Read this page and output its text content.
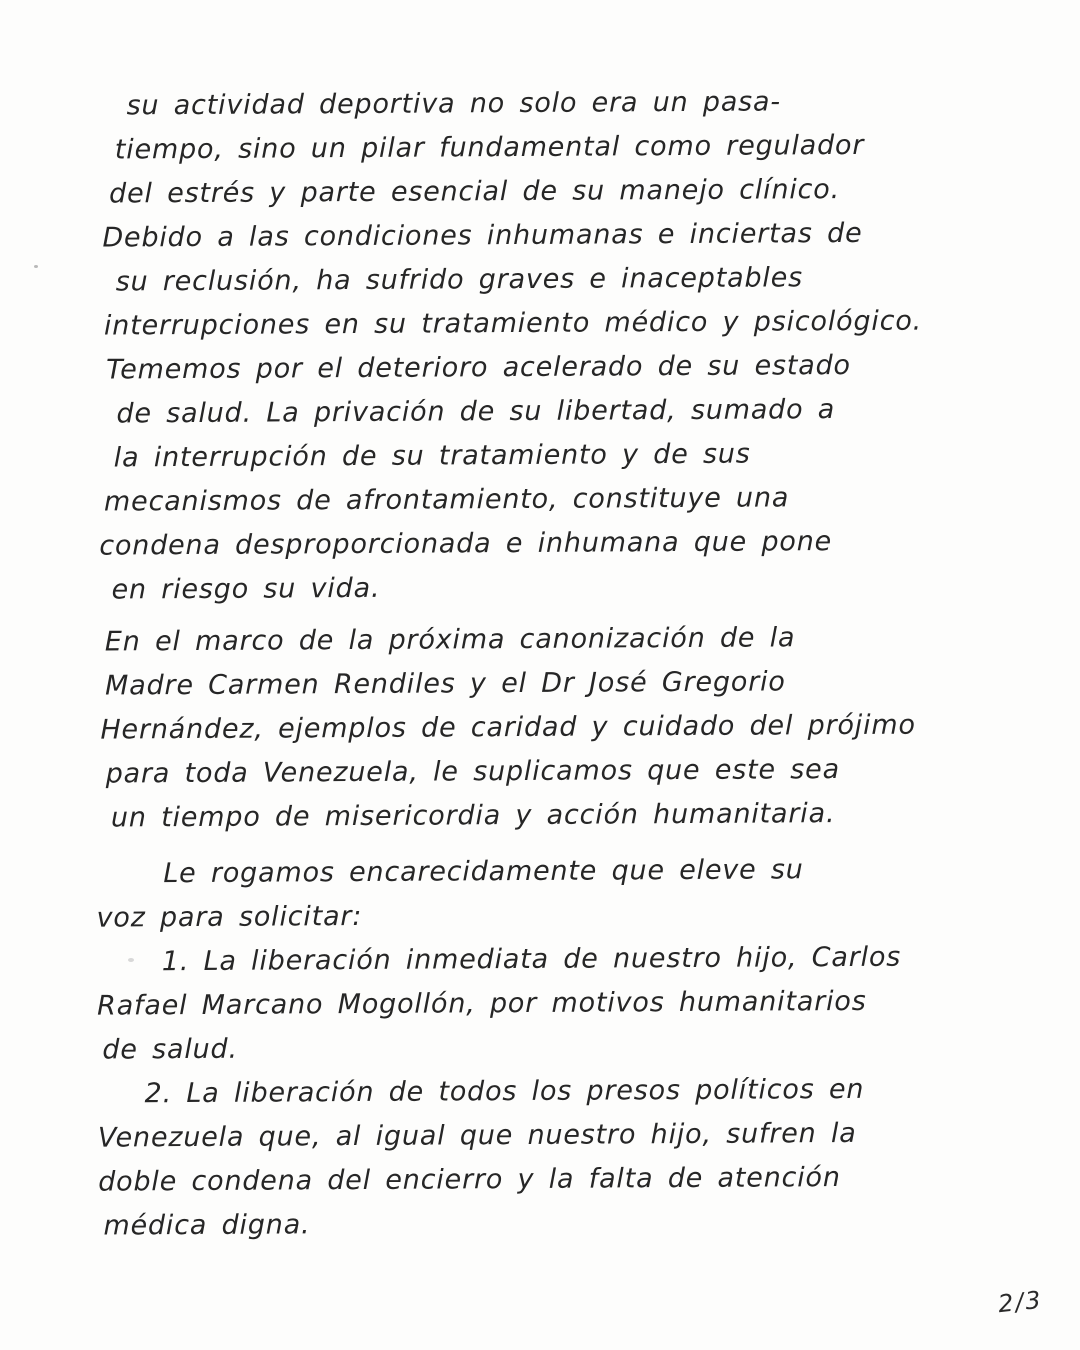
su actividad deportiva no solo era un pasa-

tiempo, sino un pilar fundamental como regulador

del estrés y parte esencial de su manejo clínico.

Debido a las condiciones inhumanas e inciertas de

su reclusión, ha sufrido graves e inaceptables

interrupciones en su tratamiento médico y psicológico.

Tememos por el deterioro acelerado de su estado

de salud. La privación de su libertad, sumado a

la interrupción de su tratamiento y de sus

mecanismos de afrontamiento, constituye una

condena desproporcionada e inhumana que pone

en riesgo su vida.

En el marco de la próxima canonización de la

Madre Carmen Rendiles y el Dr José Gregorio

Hernández, ejemplos de caridad y cuidado del prójimo

para toda Venezuela, le suplicamos que este sea

un tiempo de misericordia y acción humanitaria.

Le rogamos encarecidamente que eleve su

voz para solicitar:

1. La liberación inmediata de nuestro hijo, Carlos

Rafael Marcano Mogollón, por motivos humanitarios

de salud.

2. La liberación de todos los presos políticos en

Venezuela que, al igual que nuestro hijo, sufren la

doble condena del encierro y la falta de atención

médica digna.

2/3
